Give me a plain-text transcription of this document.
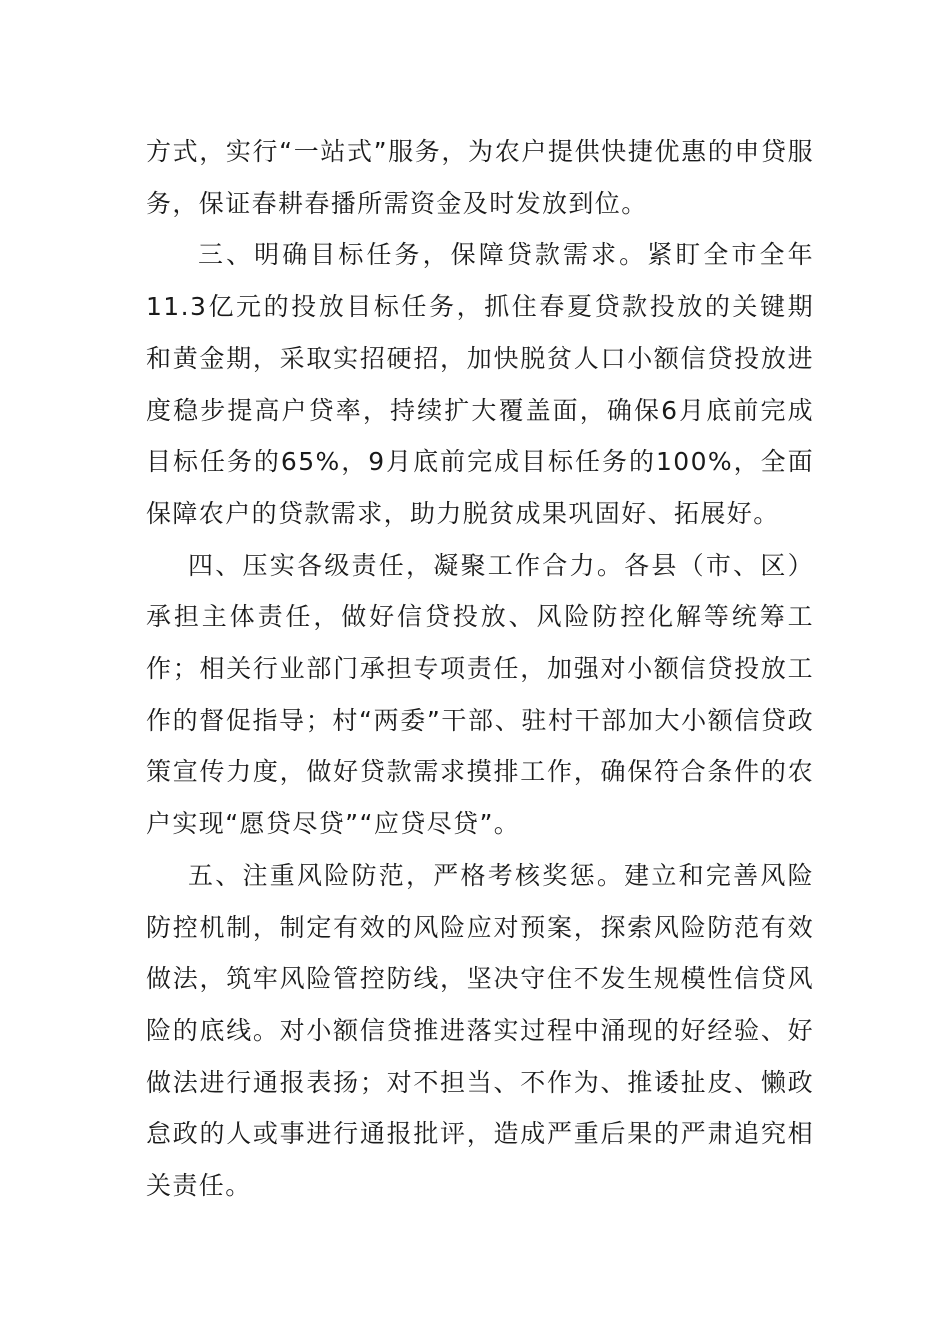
方式，实行“一站式”服务，为农户提供快捷优惠的申贷服务，保证春耕春播所需资金及时发放到位。

三、明确目标任务，保障贷款需求。紧盯全市全年11.3亿元的投放目标任务，抓住春夏贷款投放的关键期和黄金期，采取实招硬招，加快脱贫人口小额信贷投放进度稳步提高户贷率，持续扩大覆盖面，确保6月底前完成目标任务的65%，9月底前完成目标任务的100%，全面保障农户的贷款需求，助力脱贫成果巩固好、拓展好。

四、压实各级责任，凝聚工作合力。各县（市、区）承担主体责任，做好信贷投放、风险防控化解等统筹工作；相关行业部门承担专项责任，加强对小额信贷投放工作的督促指导；村“两委”干部、驻村干部加大小额信贷政策宣传力度，做好贷款需求摸排工作，确保符合条件的农户实现“愿贷尽贷”“应贷尽贷”。

五、注重风险防范，严格考核奖惩。建立和完善风险防控机制，制定有效的风险应对预案，探索风险防范有效做法，筑牢风险管控防线，坚决守住不发生规模性信贷风险的底线。对小额信贷推进落实过程中涌现的好经验、好做法进行通报表扬；对不担当、不作为、推诿扯皮、懒政怠政的人或事进行通报批评，造成严重后果的严肃追究相关责任。
